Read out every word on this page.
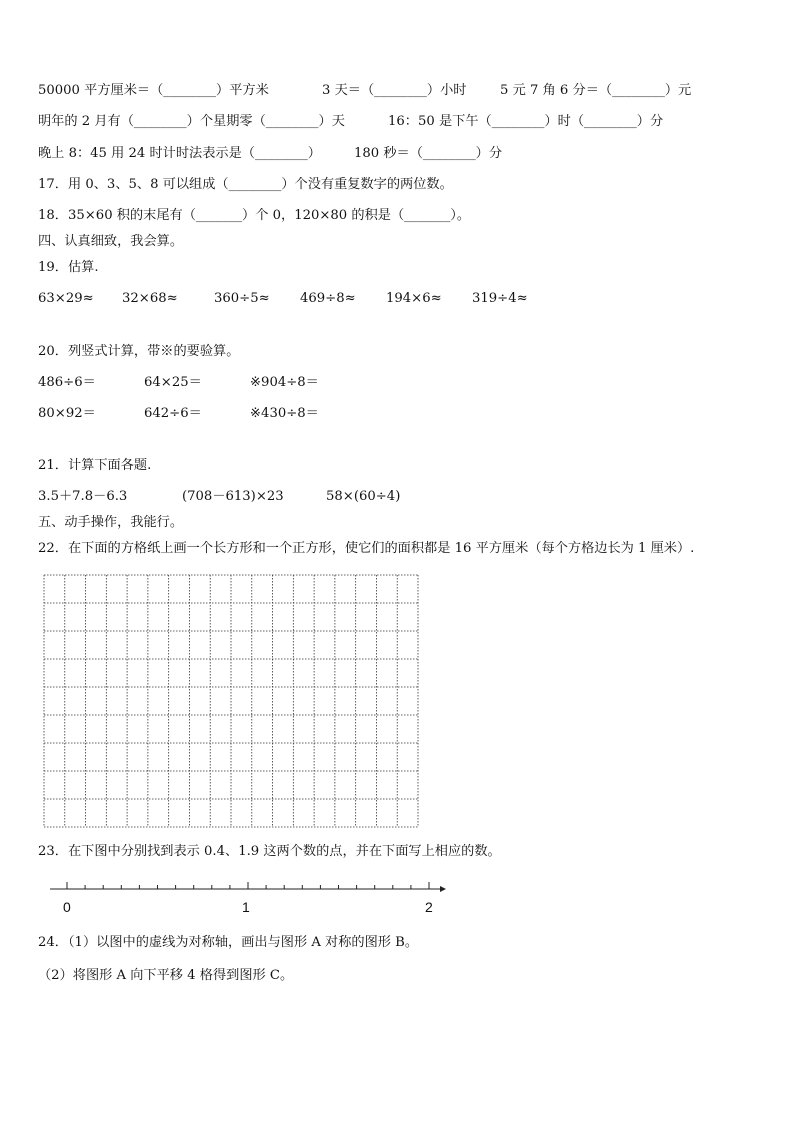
50000 平方厘米＝（________）平方米	3 天＝（________）小时	5 元 7 角 6 分＝（________）元
明年的 2 月有（________）个星期零（________）天	16：50 是下午（________）时（________）分
晚上 8：45 用 24 时计时法表示是（________）	180 秒＝（________）分
17．用 0、3、5、8 可以组成（________）个没有重复数字的两位数。
18．35×60 积的末尾有（_______）个 0，120×80 的积是（_______）。
四、认真细致，我会算。
19．估算.
63×29≈ 32×68≈	360÷5≈ 469÷8≈ 194×6≈ 319÷4≈
20．列竖式计算，带※的要验算。
486÷6＝	64×25＝	※904÷8＝
80×92＝	642÷6＝	※430÷8＝
21．计算下面各题.
3.5＋7.8－6.3	(708－613)×23	58×(60÷4)
五、动手操作，我能行。
22．在下面的方格纸上画一个长方形和一个正方形，使它们的面积都是 16 平方厘米（每个方格边长为 1 厘米）.
23．在下图中分别找到表示 0.4、1.9 这两个数的点，并在下面写上相应的数。
0	1	2
24．（1）以图中的虚线为对称轴，画出与图形 A 对称的图形 B。
（2）将图形 A 向下平移 4 格得到图形 C。
